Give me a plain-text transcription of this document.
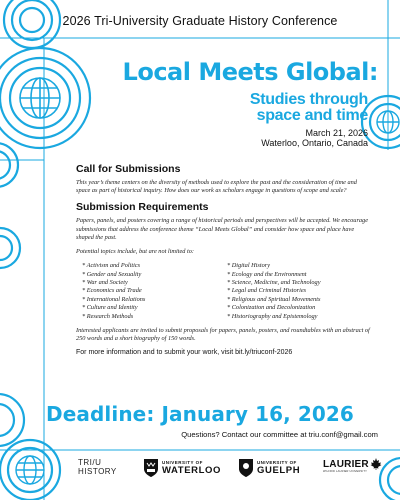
2026 Tri-University Graduate History Conference
Local Meets Global:
Studies through
space and time
March 21, 2026
Waterloo, Ontario, Canada
Call for Submissions
This year’s theme centers on the diversity of methods used to explore the past and the consideration of time and space as part of historical inquiry. How does our work as scholars engage in questions of scope and scale?
Submission Requirements
Papers, panels, and posters covering a range of historical periods and perspectives will be accepted. We encourage submissions that address the conference theme “Local Meets Global” and consider how space and place have shaped the past.
Potential topics include, but are not limited to:
* Activism and Politics
* Gender and Sexuality
* War and Society
* Economics and Trade
* International Relations
* Culture and Identity
* Research Methods
* Digital History
* Ecology and the Environment
* Science, Medicine, and Technology
* Legal and Criminal Histories
* Religious and Spiritual Movements
* Colonization and Decolonization
* Historiography and Epistemology
Interested applicants are invited to submit proposals for papers, panels, posters, and roundtables with an abstract of 250 words and a short biography of 150 words.
For more information and to submit your work, visit bit.ly/triuconf-2026
Deadline: January 16, 2026
Questions? Contact our committee at triu.conf@gmail.com
TRI/U
HISTORY
UNIVERSITY OF
WATERLOO
UNIVERSITY OF
GUELPH
LAURIER
WILFRID LAURIER UNIVERSITY
